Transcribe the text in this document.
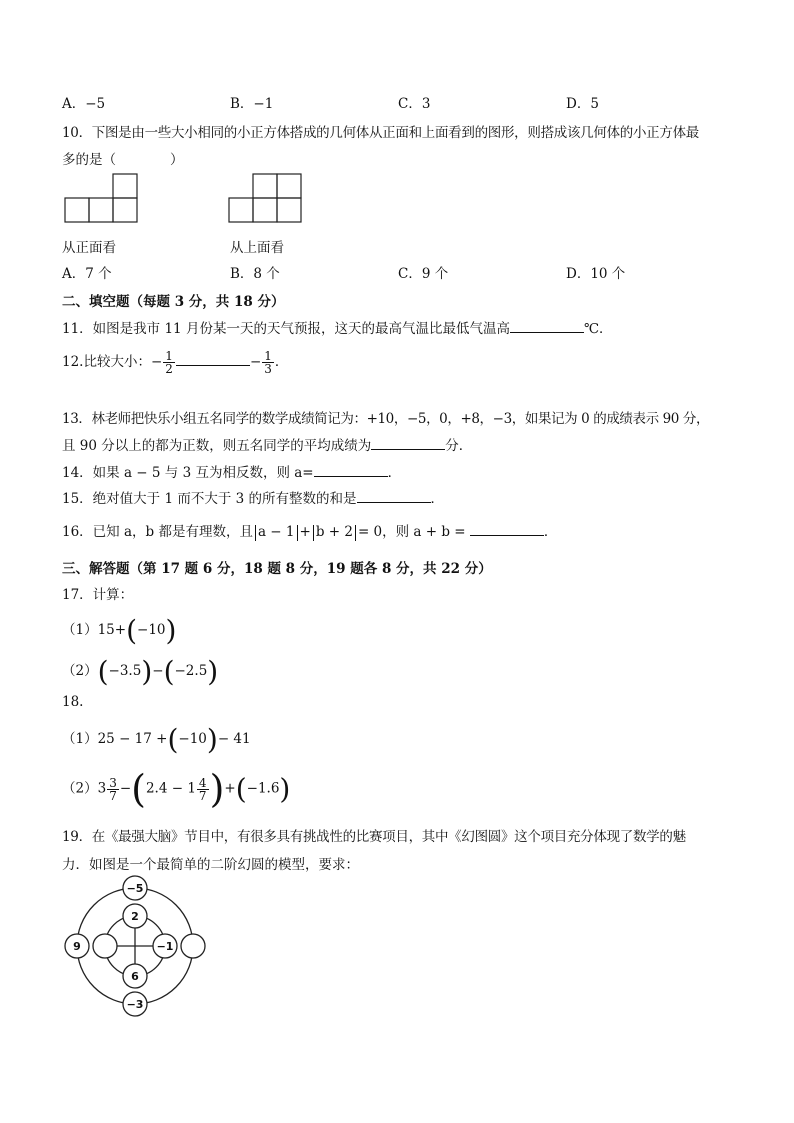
A．−5	B．−1	C．3	D．5
10．下图是由一些大小相同的小正方体搭成的几何体从正面和上面看到的图形，则搭成该几何体的小正方体最
多的是（　　　　）
从正面看	从上面看
A．7 个	B．8 个	C．9 个	D．10 个
二、填空题（每题 3 分，共 18 分）
11．如图是我市 11 月份某一天的天气预报，这天的最高气温比最低气温高	℃．
12.比较大小：− $\frac{1}{2}$	− $\frac{1}{3}$ ．
13．林老师把快乐小组五名同学的数学成绩简记为：+10，−5，0，+8，−3，如果记为 0 的成绩表示 90 分，
且 90 分以上的都为正数，则五名同学的平均成绩为	分．
14．如果 a − 5 与 3 互为相反数，则 a=	．
15．绝对值大于 1 而不大于 3 的所有整数的和是	．
16．已知 a，b 都是有理数，且 a − 1 + b + 2 = 0，则 a + b =	．
三、解答题（第 17 题 6 分，18 题 8 分，19 题各 8 分，共 22 分）
17．计算：
（1）15+(−10)
（2）(−3.5)−(−2.5)
18.
（1）25 − 17 +(−10)− 41
$(2)3 \frac{3}{7} -(2.4 - 1 \frac{4}{7} )+(-1.6)$
19．在《最强大脑》节目中，有很多具有挑战性的比赛项目，其中《幻图圆》这个项目充分体现了数学的魅
力．如图是一个最简单的二阶幻圆的模型，要求：
−5
2
9	−1
6
−3
